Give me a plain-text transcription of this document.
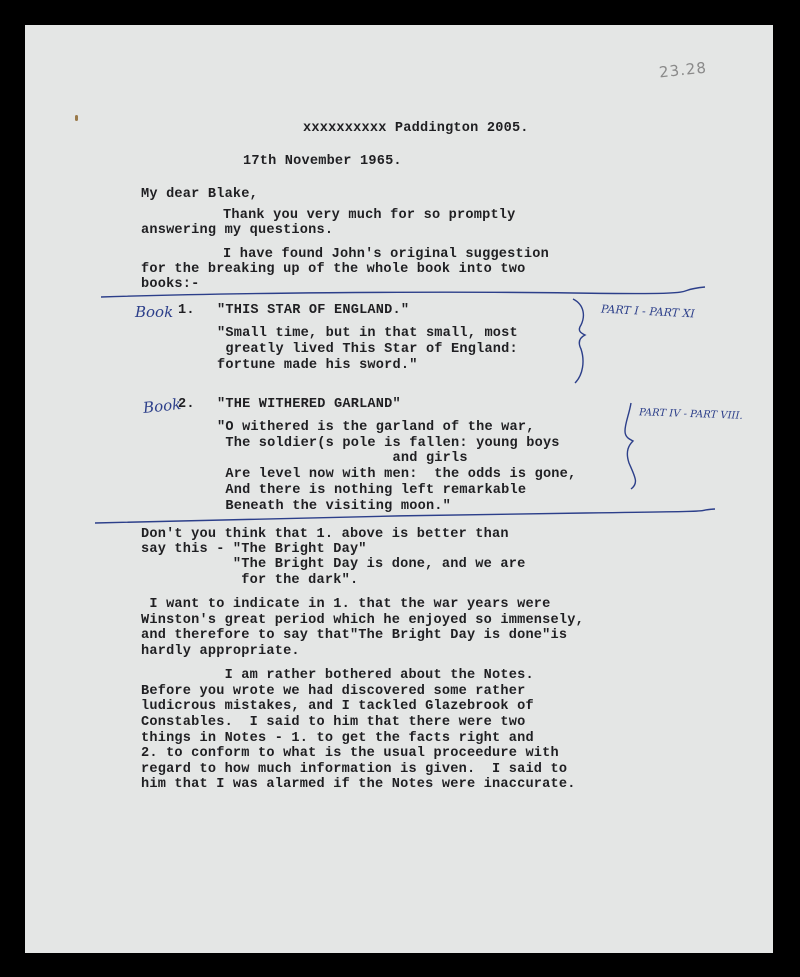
23.28
xxxxxxxxxx Paddington 2005.
17th November 1965.
My dear Blake,
Thank you very much for so promptly
answering my questions.
I have found John's original suggestion
for the breaking up of the whole book into two
books:-
Book 1. "THIS STAR OF ENGLAND."
"Small time, but in that small, most
greatly lived This Star of England:
fortune made his sword."
PART I - PART XI
Book
2. "THE WITHERED GARLAND"
"O withered is the garland of the war,
The soldier(s pole is fallen: young boys
and girls
Are level now with men:  the odds is gone,
And there is nothing left remarkable
Beneath the visiting moon."
PART IV - PART VIII.
Don't you think that 1. above is better than
say this - "The Bright Day"
"The Bright Day is done, and we are
for the dark".
I want to indicate in 1. that the war years were
Winston's great period which he enjoyed so immensely,
and therefore to say that"The Bright Day is done"is
hardly appropriate.
I am rather bothered about the Notes.
Before you wrote we had discovered some rather
ludicrous mistakes, and I tackled Glazebrook of
Constables.  I said to him that there were two
things in Notes - 1. to get the facts right and
2. to conform to what is the usual proceedure with
regard to how much information is given.  I said to
him that I was alarmed if the Notes were inaccurate.
